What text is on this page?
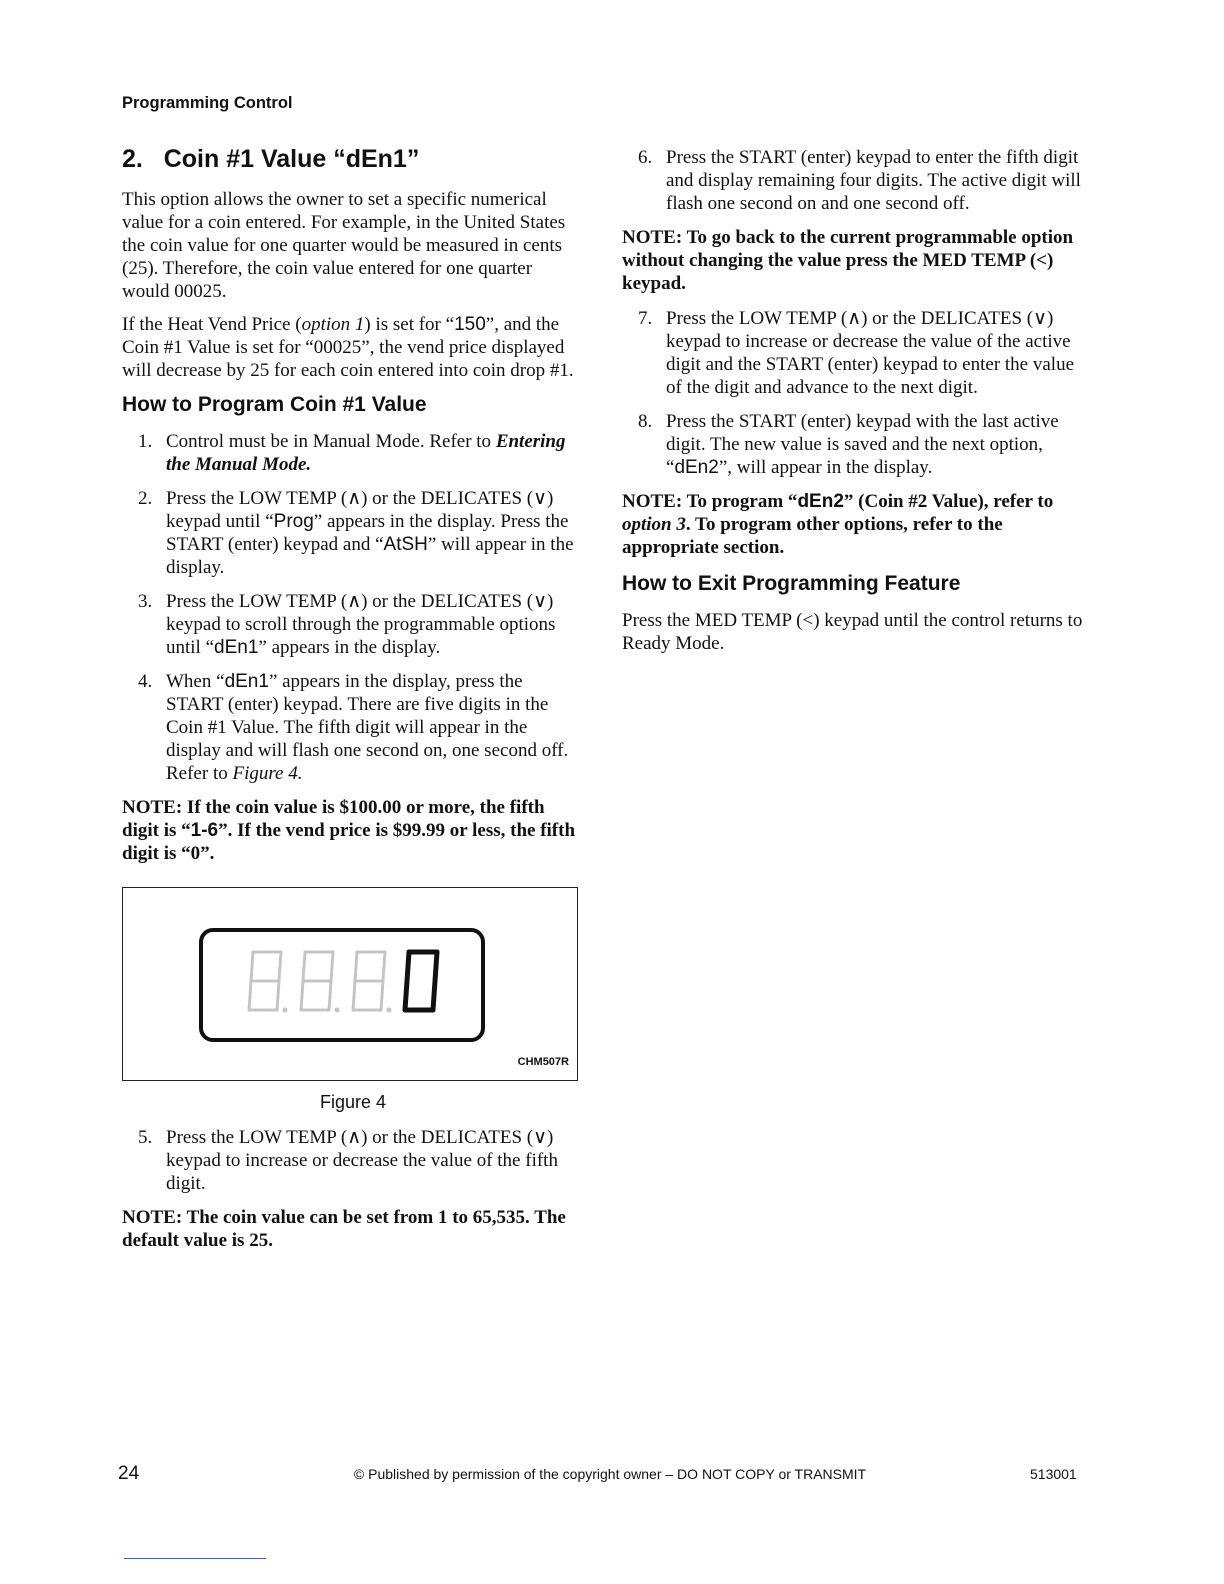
Programming Control
2. Coin #1 Value “dEn1”

This option allows the owner to set a specific numerical value for a coin entered. For example, in the United States the coin value for one quarter would be measured in cents (25). Therefore, the coin value entered for one quarter would 00025.

If the Heat Vend Price (option 1) is set for “150”, and the Coin #1 Value is set for “00025”, the vend price displayed will decrease by 25 for each coin entered into coin drop #1.

How to Program Coin #1 Value
1. Control must be in Manual Mode. Refer to Entering the Manual Mode.
2. Press the LOW TEMP (∧) or the DELICATES (∨) keypad until “Prog” appears in the display. Press the START (enter) keypad and “AtSH” will appear in the display.
3. Press the LOW TEMP (∧) or the DELICATES (∨) keypad to scroll through the programmable options until “dEn1” appears in the display.
4. When “dEn1” appears in the display, press the START (enter) keypad. There are five digits in the Coin #1 Value. The fifth digit will appear in the display and will flash one second on, one second off. Refer to Figure 4.

NOTE: If the coin value is $100.00 or more, the fifth digit is “1-6”. If the vend price is $99.99 or less, the fifth digit is “0”.

CHM507R
Figure 4
5. Press the LOW TEMP (∧) or the DELICATES (∨) keypad to increase or decrease the value of the fifth digit.

NOTE: The coin value can be set from 1 to 65,535. The default value is 25.

6. Press the START (enter) keypad to enter the fifth digit and display remaining four digits. The active digit will flash one second on and one second off.

NOTE: To go back to the current programmable option without changing the value press the MED TEMP (<) keypad.

7. Press the LOW TEMP (∧) or the DELICATES (∨) keypad to increase or decrease the value of the active digit and the START (enter) keypad to enter the value of the digit and advance to the next digit.
8. Press the START (enter) keypad with the last active digit. The new value is saved and the next option, “dEn2”, will appear in the display.

NOTE: To program “dEn2” (Coin #2 Value), refer to option 3. To program other options, refer to the appropriate section.

How to Exit Programming Feature

Press the MED TEMP (<) keypad until the control returns to Ready Mode.

24	© Published by permission of the copyright owner – DO NOT COPY or TRANSMIT	513001
